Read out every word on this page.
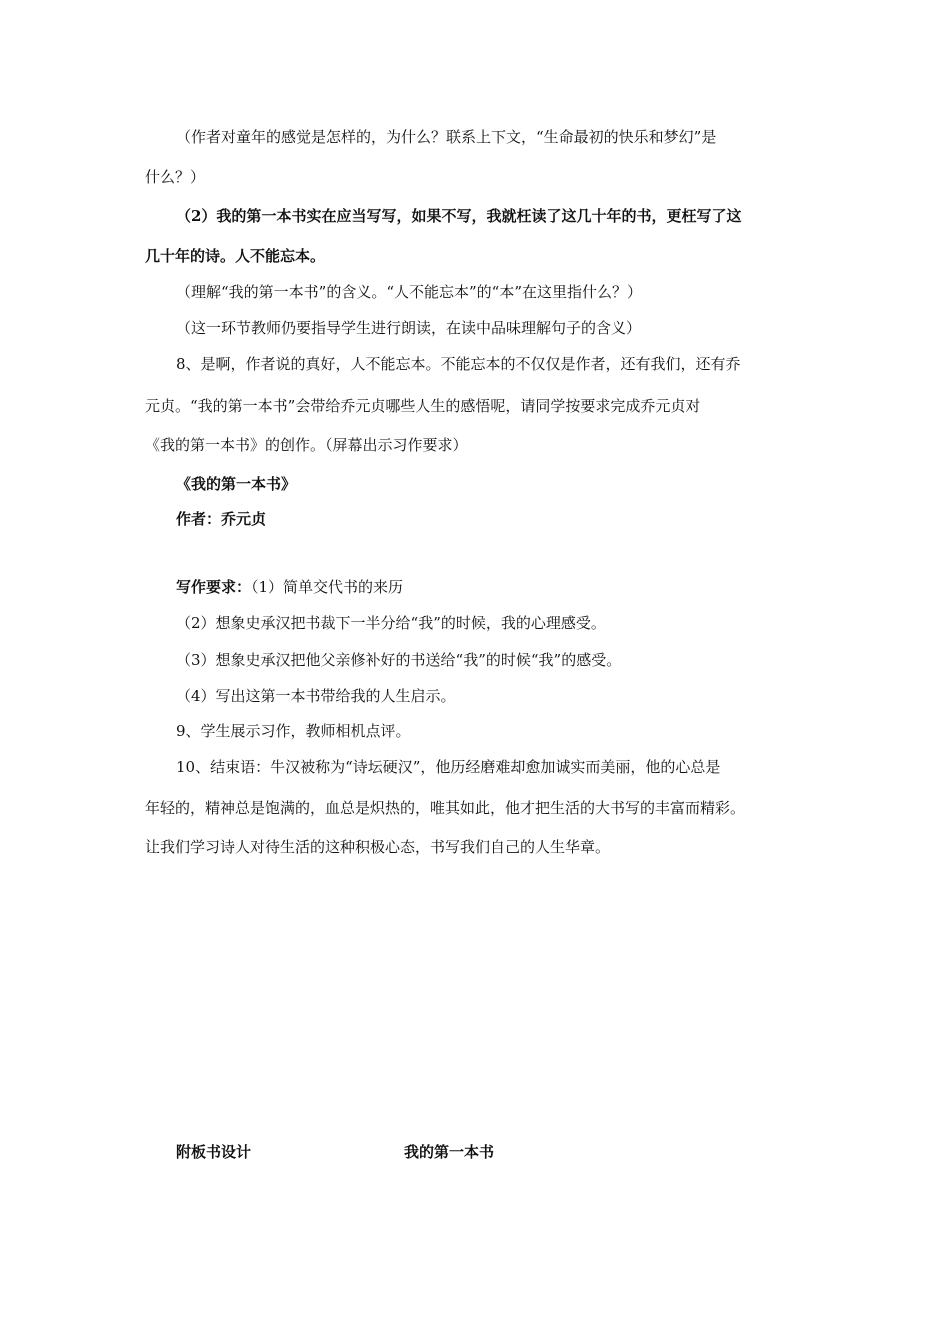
（作者对童年的感觉是怎样的，为什么？联系上下文，“生命最初的快乐和梦幻”是
什么？）
（2）我的第一本书实在应当写写，如果不写，我就枉读了这几十年的书，更枉写了这
几十年的诗。人不能忘本。
（理解“我的第一本书”的含义。“人不能忘本”的“本”在这里指什么？）
（这一环节教师仍要指导学生进行朗读，在读中品味理解句子的含义）
8、是啊，作者说的真好，人不能忘本。不能忘本的不仅仅是作者，还有我们，还有乔
元贞。“我的第一本书”会带给乔元贞哪些人生的感悟呢，请同学按要求完成乔元贞对
《我的第一本书》的创作。（屏幕出示习作要求）
《我的第一本书》
作者：乔元贞
写作要求：（1）简单交代书的来历
（2）想象史承汉把书裁下一半分给“我”的时候，我的心理感受。
（3）想象史承汉把他父亲修补好的书送给“我”的时候“我”的感受。
（4）写出这第一本书带给我的人生启示。
9、学生展示习作，教师相机点评。
10、结束语：牛汉被称为“诗坛硬汉”，他历经磨难却愈加诚实而美丽，他的心总是
年轻的，精神总是饱满的，血总是炽热的，唯其如此，他才把生活的大书写的丰富而精彩。
让我们学习诗人对待生活的这种积极心态，书写我们自己的人生华章。
附板书设计	我的第一本书
